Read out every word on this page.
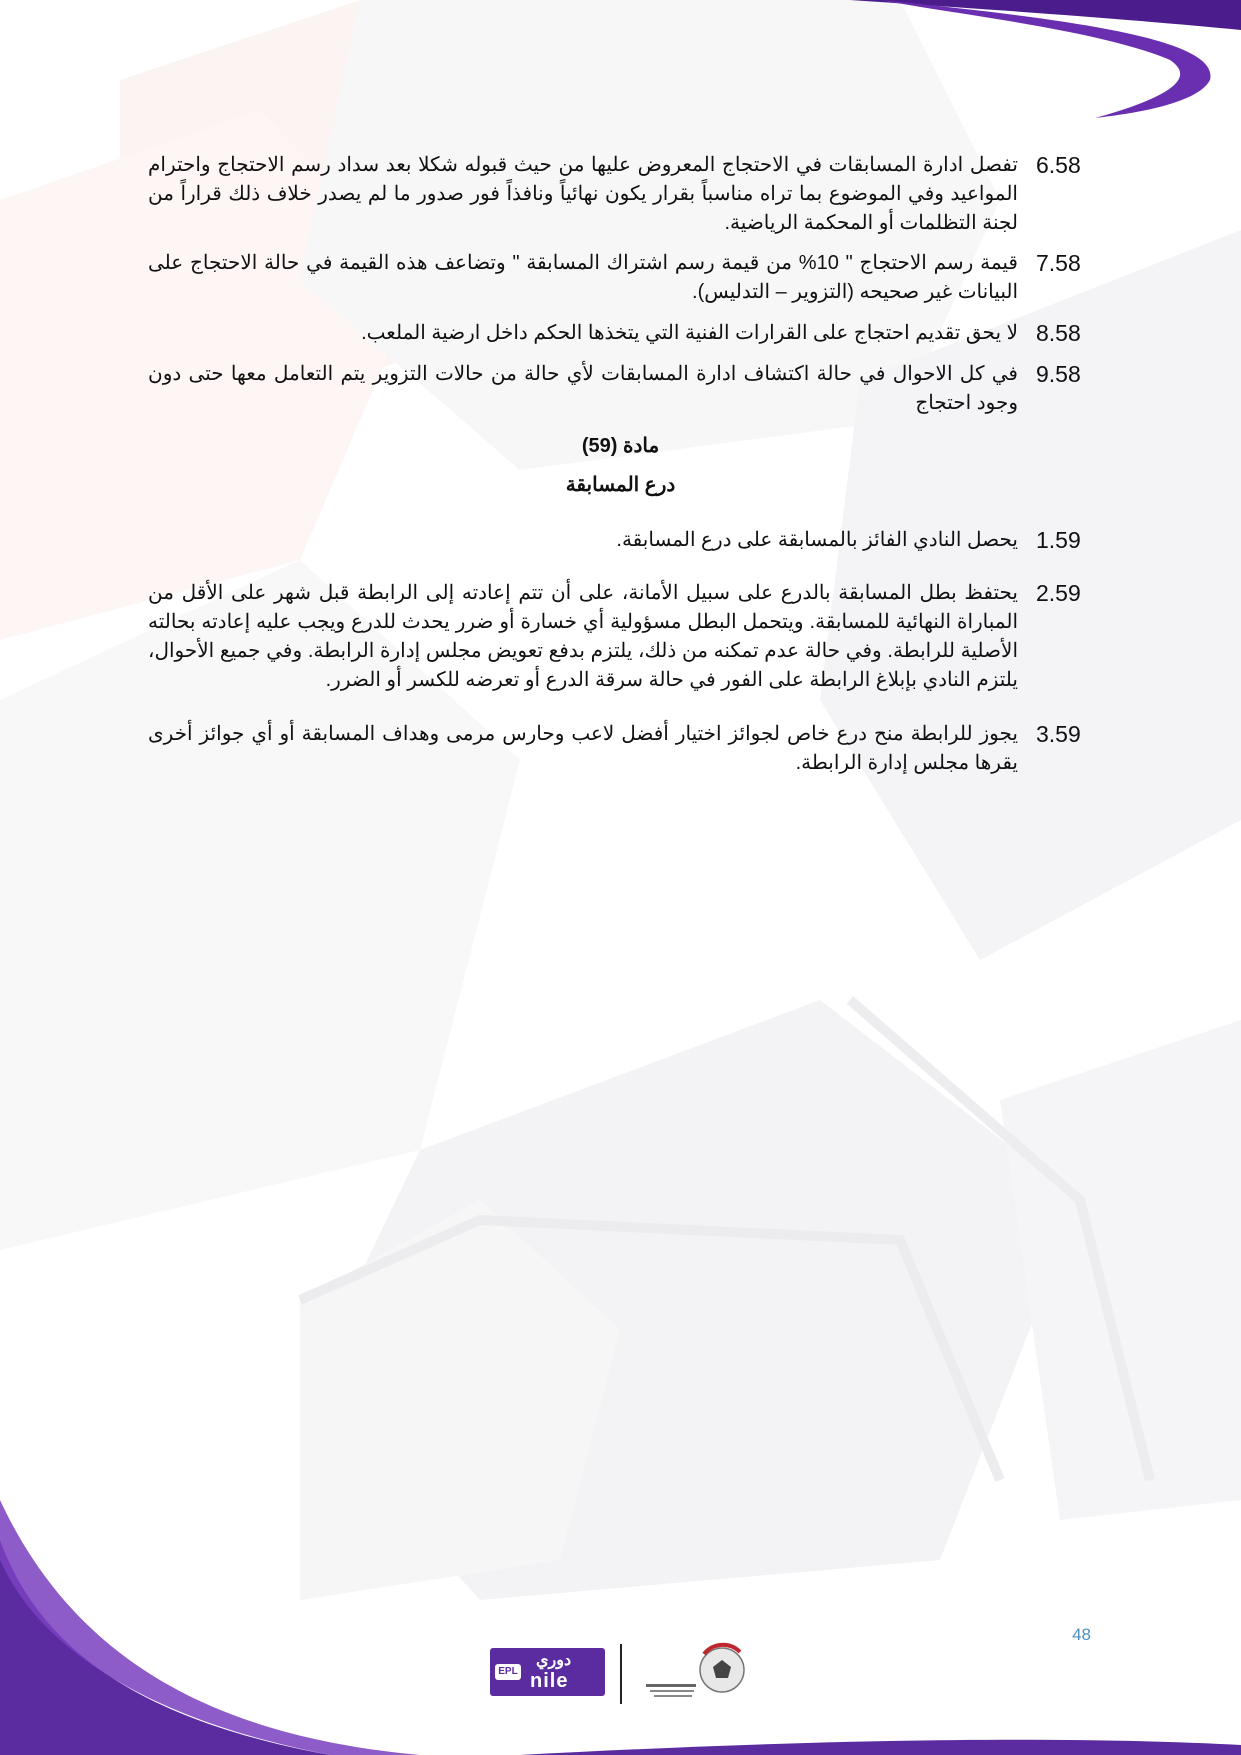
6.58
تفصل ادارة المسابقات في الاحتجاج المعروض عليها من حيث قبوله شكلا بعد سداد رسم الاحتجاج واحترام المواعيد وفي الموضوع بما تراه مناسباً بقرار يكون نهائياً ونافذاً فور صدور ما لم يصدر خلاف ذلك قراراً من لجنة التظلمات أو المحكمة الرياضية.
7.58
قيمة رسم الاحتجاج " 10% من قيمة رسم اشتراك المسابقة " وتضاعف هذه القيمة في حالة الاحتجاج على البيانات غير صحيحه (التزوير – التدليس).
8.58
لا يحق تقديم احتجاج على القرارات الفنية التي يتخذها الحكم داخل ارضية الملعب.
9.58
في كل الاحوال في حالة اكتشاف ادارة المسابقات لأي حالة من حالات التزوير يتم التعامل معها حتى دون وجود احتجاج
مادة (59)
درع المسابقة
1.59
يحصل النادي الفائز بالمسابقة على درع المسابقة.
2.59
يحتفظ بطل المسابقة بالدرع على سبيل الأمانة، على أن تتم إعادته إلى الرابطة قبل شهر على الأقل من المباراة النهائية للمسابقة. ويتحمل البطل مسؤولية أي خسارة أو ضرر يحدث للدرع ويجب عليه إعادته بحالته الأصلية للرابطة. وفي حالة عدم تمكنه من ذلك، يلتزم بدفع تعويض مجلس إدارة الرابطة. وفي جميع الأحوال، يلتزم النادي بإبلاغ الرابطة على الفور في حالة سرقة الدرع أو تعرضه للكسر أو الضرر.
3.59
يجوز للرابطة منح درع خاص لجوائز اختيار أفضل لاعب وحارس مرمى وهداف المسابقة أو أي جوائز أخرى يقرها مجلس إدارة الرابطة.
48
EPL
دوري
nile
